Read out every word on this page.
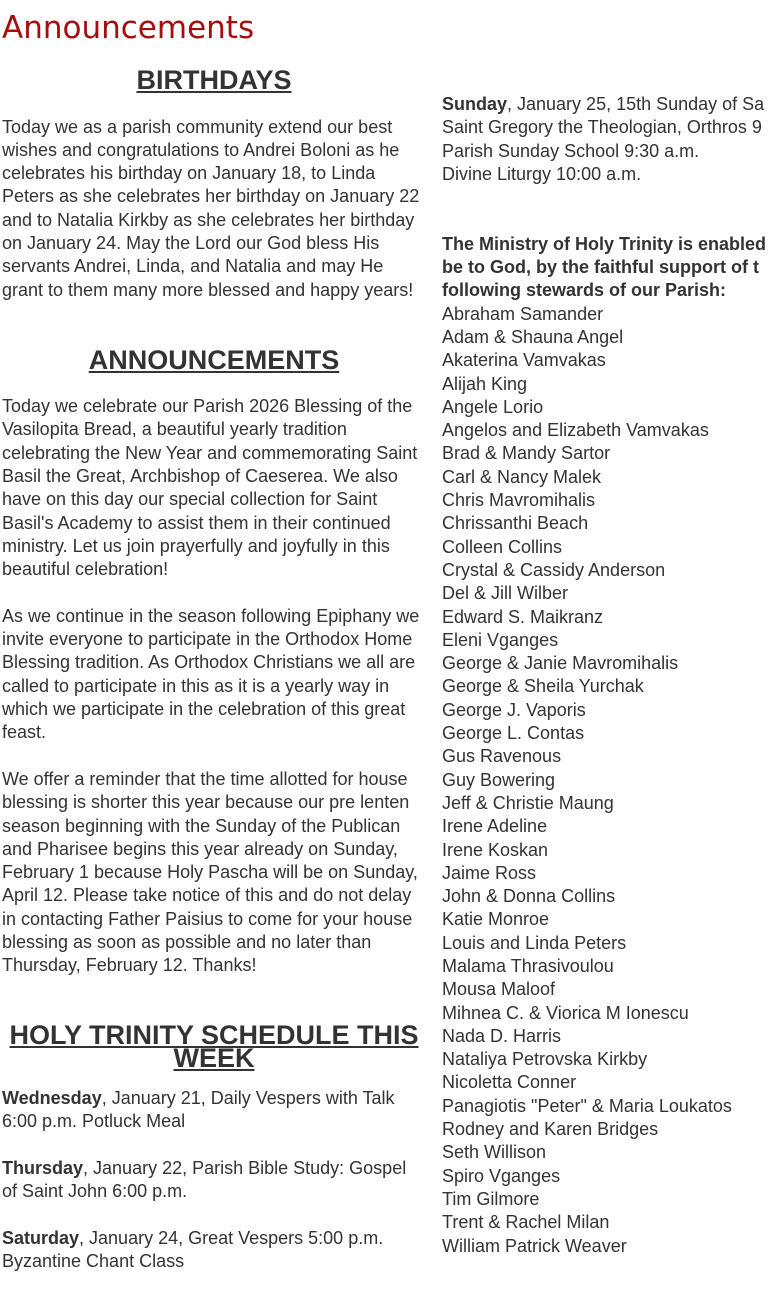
Announcements
BIRTHDAYS

Today we as a parish community extend our best wishes and congratulations to Andrei Boloni as he celebrates his birthday on January 18, to Linda Peters as she celebrates her birthday on January 22 and to Natalia Kirkby as she celebrates her birthday on January 24. May the Lord our God bless His servants Andrei, Linda, and Natalia and may He grant to them many more blessed and happy years!

ANNOUNCEMENTS

Today we celebrate our Parish 2026 Blessing of the Vasilopita Bread, a beautiful yearly tradition celebrating the New Year and commemorating Saint Basil the Great, Archbishop of Caeserea. We also have on this day our special collection for Saint Basil's Academy to assist them in their continued ministry. Let us join prayerfully and joyfully in this beautiful celebration!

As we continue in the season following Epiphany we invite everyone to participate in the Orthodox Home Blessing tradition. As Orthodox Christians we all are called to participate in this as it is a yearly way in which we participate in the celebration of this great feast.

We offer a reminder that the time allotted for house blessing is shorter this year because our pre lenten season beginning with the Sunday of the Publican and Pharisee begins this year already on Sunday, February 1 because Holy Pascha will be on Sunday, April 12. Please take notice of this and do not delay in contacting Father Paisius to come for your house blessing as soon as possible and no later than Thursday, February 12. Thanks!

HOLY TRINITY SCHEDULE THIS WEEK

Wednesday, January 21, Daily Vespers with Talk 6:00 p.m. Potluck Meal

Thursday, January 22, Parish Bible Study: Gospel of Saint John 6:00 p.m.

Saturday, January 24, Great Vespers 5:00 p.m. Byzantine Chant Class

Sunday, January 25, 15th Sunday of Sa
Saint Gregory the Theologian, Orthros 9
Parish Sunday School 9:30 a.m.
Divine Liturgy 10:00 a.m.
The Ministry of Holy Trinity is enabled
be to God, by the faithful support of t
following stewards of our Parish:
Abraham Samander
Adam & Shauna Angel
Akaterina Vamvakas
Alijah King
Angele Lorio
Angelos and Elizabeth Vamvakas
Brad & Mandy Sartor
Carl & Nancy Malek
Chris Mavromihalis
Chrissanthi Beach
Colleen Collins
Crystal & Cassidy Anderson
Del & Jill Wilber
Edward S. Maikranz
Eleni Vganges
George & Janie Mavromihalis
George & Sheila Yurchak
George J. Vaporis
George L. Contas
Gus Ravenous
Guy Bowering
Jeff & Christie Maung
Irene Adeline
Irene Koskan
Jaime Ross
John & Donna Collins
Katie Monroe
Louis and Linda Peters
Malama Thrasivoulou
Mousa Maloof
Mihnea C. & Viorica M Ionescu
Nada D. Harris
Nataliya Petrovska Kirkby
Nicoletta Conner
Panagiotis "Peter" & Maria Loukatos
Rodney and Karen Bridges
Seth Willison
Spiro Vganges
Tim Gilmore
Trent & Rachel Milan
William Patrick Weaver
